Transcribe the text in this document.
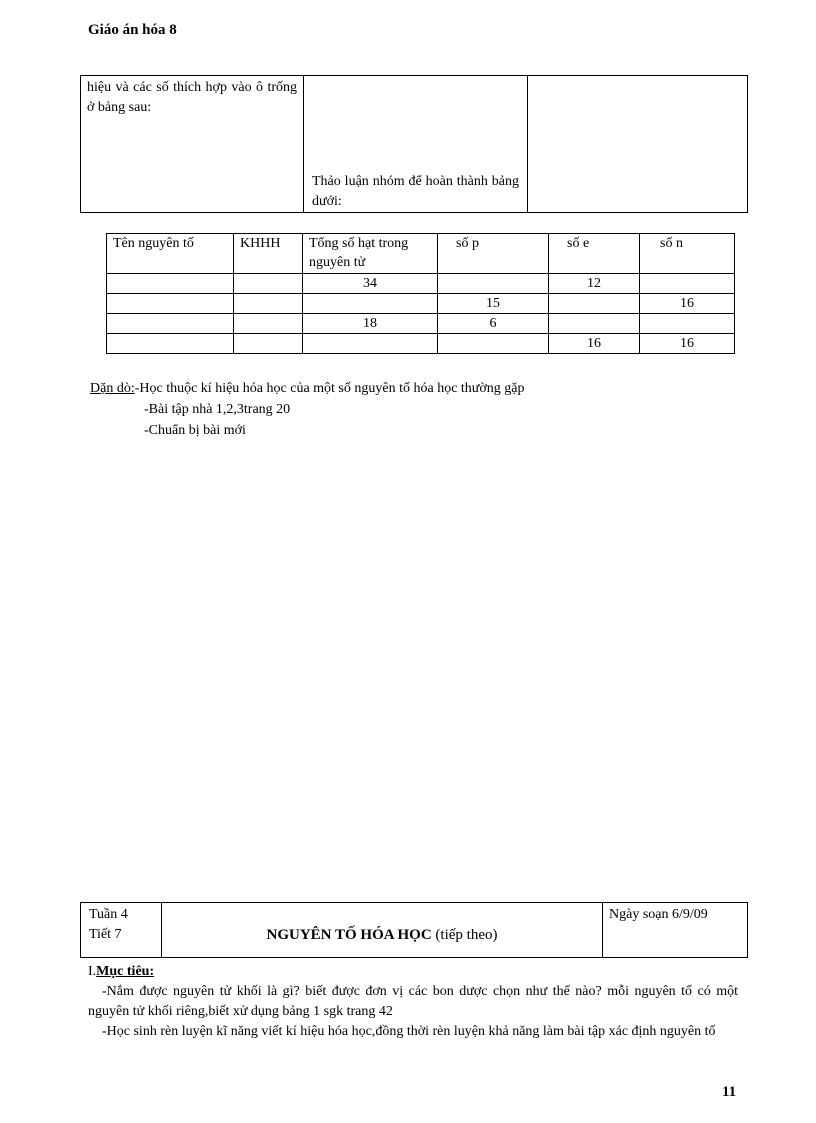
Giáo án hóa 8
hiệu và các số thích hợp vào ô trống ở bảng sau:
Thảo luận nhóm để hoàn thành bảng dưới:
Tên nguyên tố	KHHH	Tổng số hạt trong nguyên tử	số p	số e	số n
		34		12	
			15		16
		18	6		
				16	16
Dặn dò:-Học thuộc kí hiệu hóa học của một số nguyên tố hóa học thường gặp
-Bài tập nhà 1,2,3trang 20
-Chuẩn bị bài mới
Tuần 4
Tiết 7	NGUYÊN TỐ HÓA HỌC (tiếp theo)
Ngày soạn 6/9/09
I.Mục tiêu:

-Nắm được nguyên tử khối là gì? biết được đơn vị các bon dược chọn như thế nào? mỗi nguyên tố có một nguyên tử khối riêng,biết xử dụng bảng 1 sgk trang 42

-Học sinh rèn luyện kĩ năng viết kí hiệu hóa học,đồng thời rèn luyện khả năng làm bài tập xác định nguyên tố

11
